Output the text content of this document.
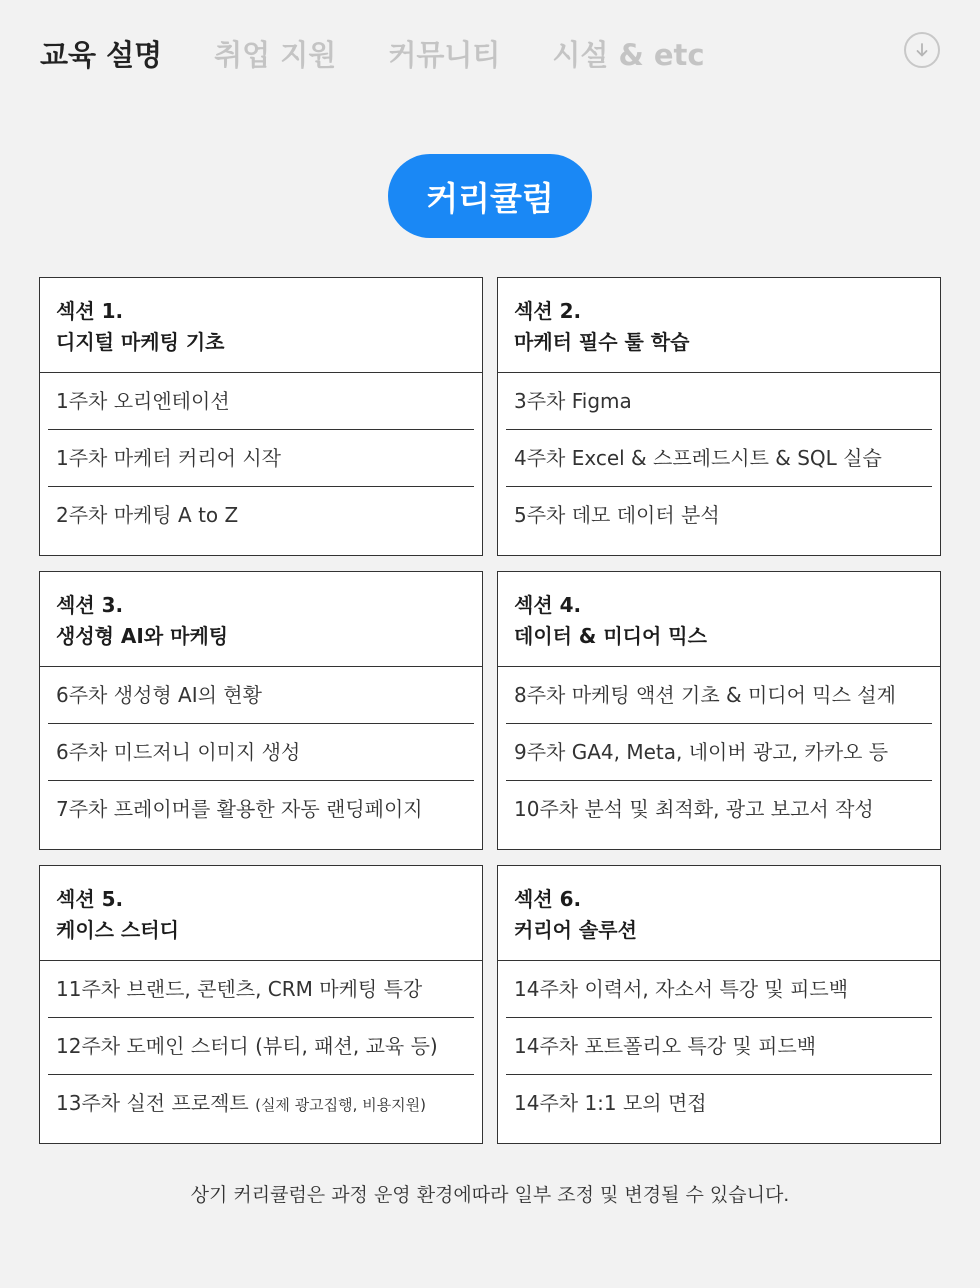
교육 설명 취업 지원 커뮤니티 시설 & etc
커리큘럼
섹션 1.
디지털 마케팅 기초
1주차 오리엔테이션
1주차 마케터 커리어 시작
2주차 마케팅 A to Z
섹션 2.
마케터 필수 툴 학습
3주차 Figma
4주차 Excel & 스프레드시트 & SQL 실습
5주차 데모 데이터 분석
섹션 3.
생성형 AI와 마케팅
6주차 생성형 AI의 현황
6주차 미드저니 이미지 생성
7주차 프레이머를 활용한 자동 랜딩페이지
섹션 4.
데이터 & 미디어 믹스
8주차 마케팅 액션 기초 & 미디어 믹스 설계
9주차 GA4, Meta, 네이버 광고, 카카오 등
10주차 분석 및 최적화, 광고 보고서 작성
섹션 5.
케이스 스터디
11주차 브랜드, 콘텐츠, CRM 마케팅 특강
12주차 도메인 스터디 (뷰티, 패션, 교육 등)
13주차 실전 프로젝트 (실제 광고집행, 비용지원)
섹션 6.
커리어 솔루션
14주차 이력서, 자소서 특강 및 피드백
14주차 포트폴리오 특강 및 피드백
14주차 1:1 모의 면접
상기 커리큘럼은 과정 운영 환경에따라 일부 조정 및 변경될 수 있습니다.
